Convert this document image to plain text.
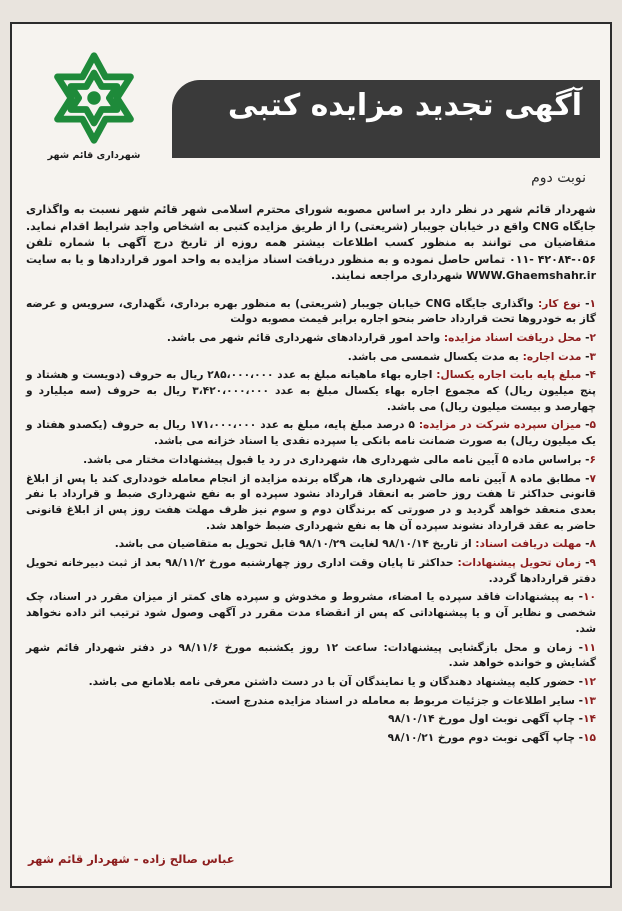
شهرداری قائم شهر
آگهی تجدید مزایده کتبی
نوبت دوم

شهردار قائم شهر در نظر دارد بر اساس مصوبه شورای محترم اسلامی شهر قائم شهر نسبت به واگذاری جایگاه CNG واقع در خیابان جویبار (شریعتی) را از طریق مزایده کتبی به اشخاص واجد شرایط اقدام نماید. متقاضیان می توانند به منظور کسب اطلاعات بیشتر همه روزه از تاریخ درج آگهی با شماره تلفن ۰۵۶-۴۲۰۸۴ -۰۱۱ تماس حاصل نموده و به منظور دریافت اسناد مزایده به واحد امور قراردادها و یا به سایت WWW.Ghaemshahr.ir شهرداری مراجعه نمایند.

۱- نوع کار: واگذاری جایگاه CNG خیابان جویبار (شریعتی) به منظور بهره برداری، نگهداری، سرویس و عرضه گاز به خودروها تحت قرارداد حاضر بنحو اجاره برابر قیمت مصوبه دولت

۲- محل دریافت اسناد مزایده: واحد امور قراردادهای شهرداری قائم شهر می باشد.

۳- مدت اجاره: به مدت یکسال شمسی می باشد.

۴- مبلغ پایه بابت اجاره یکسال: اجاره بهاء ماهیانه مبلغ به عدد ۲۸۵،۰۰۰،۰۰۰ ریال به حروف (دویست و هشتاد و پنج میلیون ریال) که مجموع اجاره بهاء یکسال مبلغ به عدد ۳،۴۲۰،۰۰۰،۰۰۰ ریال به حروف (سه میلیارد و چهارصد و بیست میلیون ریال) می باشد.

۵- میزان سپرده شرکت در مزایده: ۵ درصد مبلغ پایه، مبلغ به عدد ۱۷۱،۰۰۰،۰۰۰ ریال به حروف (یکصدو هفتاد و یک میلیون ریال) به صورت ضمانت نامه بانکی یا سپرده نقدی یا اسناد خزانه می باشد.

۶- براساس ماده ۵ آیین نامه مالی شهرداری ها، شهرداری در رد یا قبول پیشنهادات مختار می باشد.

۷- مطابق ماده ۸ آیین نامه مالی شهرداری ها، هرگاه برنده مزایده از انجام معامله خودداری کند یا پس از ابلاغ قانونی حداکثر تا هفت روز حاضر به انعقاد قرارداد نشود سپرده او به نفع شهرداری ضبط و قرارداد با نفر بعدی منعقد خواهد گردید و در صورتی که برندگان دوم و سوم نیز ظرف مهلت هفت روز پس از ابلاغ قانونی حاضر به عقد قرارداد نشوند سپرده آن ها به نفع شهرداری ضبط خواهد شد.

۸- مهلت دریافت اسناد: از تاریخ ۹۸/۱۰/۱۴ لغایت ۹۸/۱۰/۲۹ قابل تحویل به متقاضیان می باشد.

۹- زمان تحویل پیشنهادات: حداکثر تا پایان وقت اداری روز چهارشنبه مورخ ۹۸/۱۱/۲ بعد از ثبت دبیرخانه تحویل دفتر قراردادها گردد.

۱۰- به پیشنهادات فاقد سپرده یا امضاء، مشروط و مخدوش و سپرده های کمتر از میزان مقرر در اسناد، چک شخصی و نظایر آن و یا پیشنهاداتی که پس از انقضاء مدت مقرر در آگهی وصول شود ترتیب اثر داده نخواهد شد.

۱۱- زمان و محل بازگشایی پیشنهادات: ساعت ۱۲ روز یکشنبه مورخ ۹۸/۱۱/۶ در دفتر شهردار قائم شهر گشایش و خوانده خواهد شد.

۱۲- حضور کلیه پیشنهاد دهندگان و یا نمایندگان آن با در دست داشتن معرفی نامه بلامانع می باشد.

۱۳- سایر اطلاعات و جزئیات مربوط به معامله در اسناد مزایده مندرج است.

۱۴- چاپ آگهی نوبت اول مورخ ۹۸/۱۰/۱۴

۱۵- چاپ آگهی نوبت دوم مورخ ۹۸/۱۰/۲۱

عباس صالح زاده - شهردار قائم شهر
